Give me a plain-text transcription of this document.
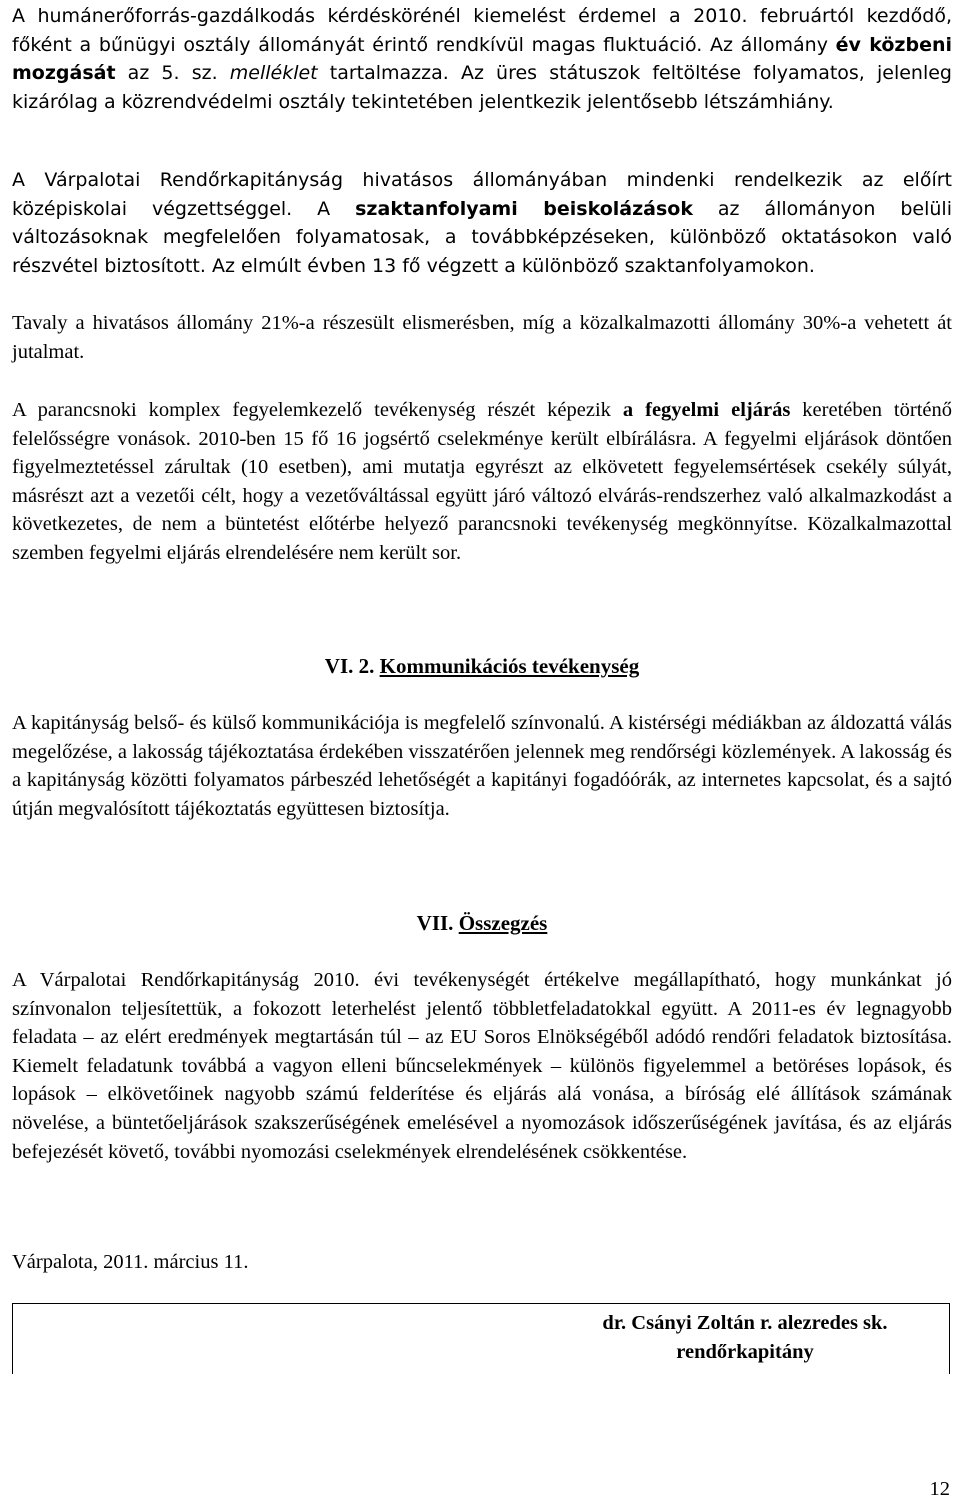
A humánerőforrás-gazdálkodás kérdéskörénél kiemelést érdemel a 2010. februártól kezdődő, főként a bűnügyi osztály állományát érintő rendkívül magas fluktuáció. Az állomány év közbeni mozgását az 5. sz. melléklet tartalmazza. Az üres státuszok feltöltése folyamatos, jelenleg kizárólag a közrendvédelmi osztály tekintetében jelentkezik jelentősebb létszámhiány.

A Várpalotai Rendőrkapitányság hivatásos állományában mindenki rendelkezik az előírt középiskolai végzettséggel. A szaktanfolyami beiskolázások az állományon belüli változásoknak megfelelően folyamatosak, a továbbképzéseken, különböző oktatásokon való részvétel biztosított. Az elmúlt évben 13 fő végzett a különböző szaktanfolyamokon.

Tavaly a hivatásos állomány 21%-a részesült elismerésben, míg a közalkalmazotti állomány 30%-a vehetett át jutalmat.

A parancsnoki komplex fegyelemkezelő tevékenység részét képezik a fegyelmi eljárás keretében történő felelősségre vonások. 2010-ben 15 fő 16 jogsértő cselekménye került elbírálásra. A fegyelmi eljárások döntően figyelmeztetéssel zárultak (10 esetben), ami mutatja egyrészt az elkövetett fegyelemsértések csekély súlyát, másrészt azt a vezetői célt, hogy a vezetőváltással együtt járó változó elvárás-rendszerhez való alkalmazkodást a következetes, de nem a büntetést előtérbe helyező parancsnoki tevékenység megkönnyítse. Közalkalmazottal szemben fegyelmi eljárás elrendelésére nem került sor.

VI. 2. Kommunikációs tevékenység

A kapitányság belső- és külső kommunikációja is megfelelő színvonalú. A kistérségi médiákban az áldozattá válás megelőzése, a lakosság tájékoztatása érdekében visszatérően jelennek meg rendőrségi közlemények. A lakosság és a kapitányság közötti folyamatos párbeszéd lehetőségét a kapitányi fogadóórák, az internetes kapcsolat, és a sajtó útján megvalósított tájékoztatás együttesen biztosítja.

VII. Összegzés

A Várpalotai Rendőrkapitányság 2010. évi tevékenységét értékelve megállapítható, hogy munkánkat jó színvonalon teljesítettük, a fokozott leterhelést jelentő többletfeladatokkal együtt. A 2011-es év legnagyobb feladata – az elért eredmények megtartásán túl – az EU Soros Elnökségéből adódó rendőri feladatok biztosítása. Kiemelt feladatunk továbbá a vagyon elleni bűncselekmények – különös figyelemmel a betöréses lopások, és lopások – elkövetőinek nagyobb számú felderítése és eljárás alá vonása, a bíróság elé állítások számának növelése, a büntetőeljárások szakszerűségének emelésével a nyomozások időszerűségének javítása, és az eljárás befejezését követő, további nyomozási cselekmények elrendelésének csökkentése.

Várpalota, 2011. március 11.
dr. Csányi Zoltán r. alezredes sk.
rendőrkapitány
12
